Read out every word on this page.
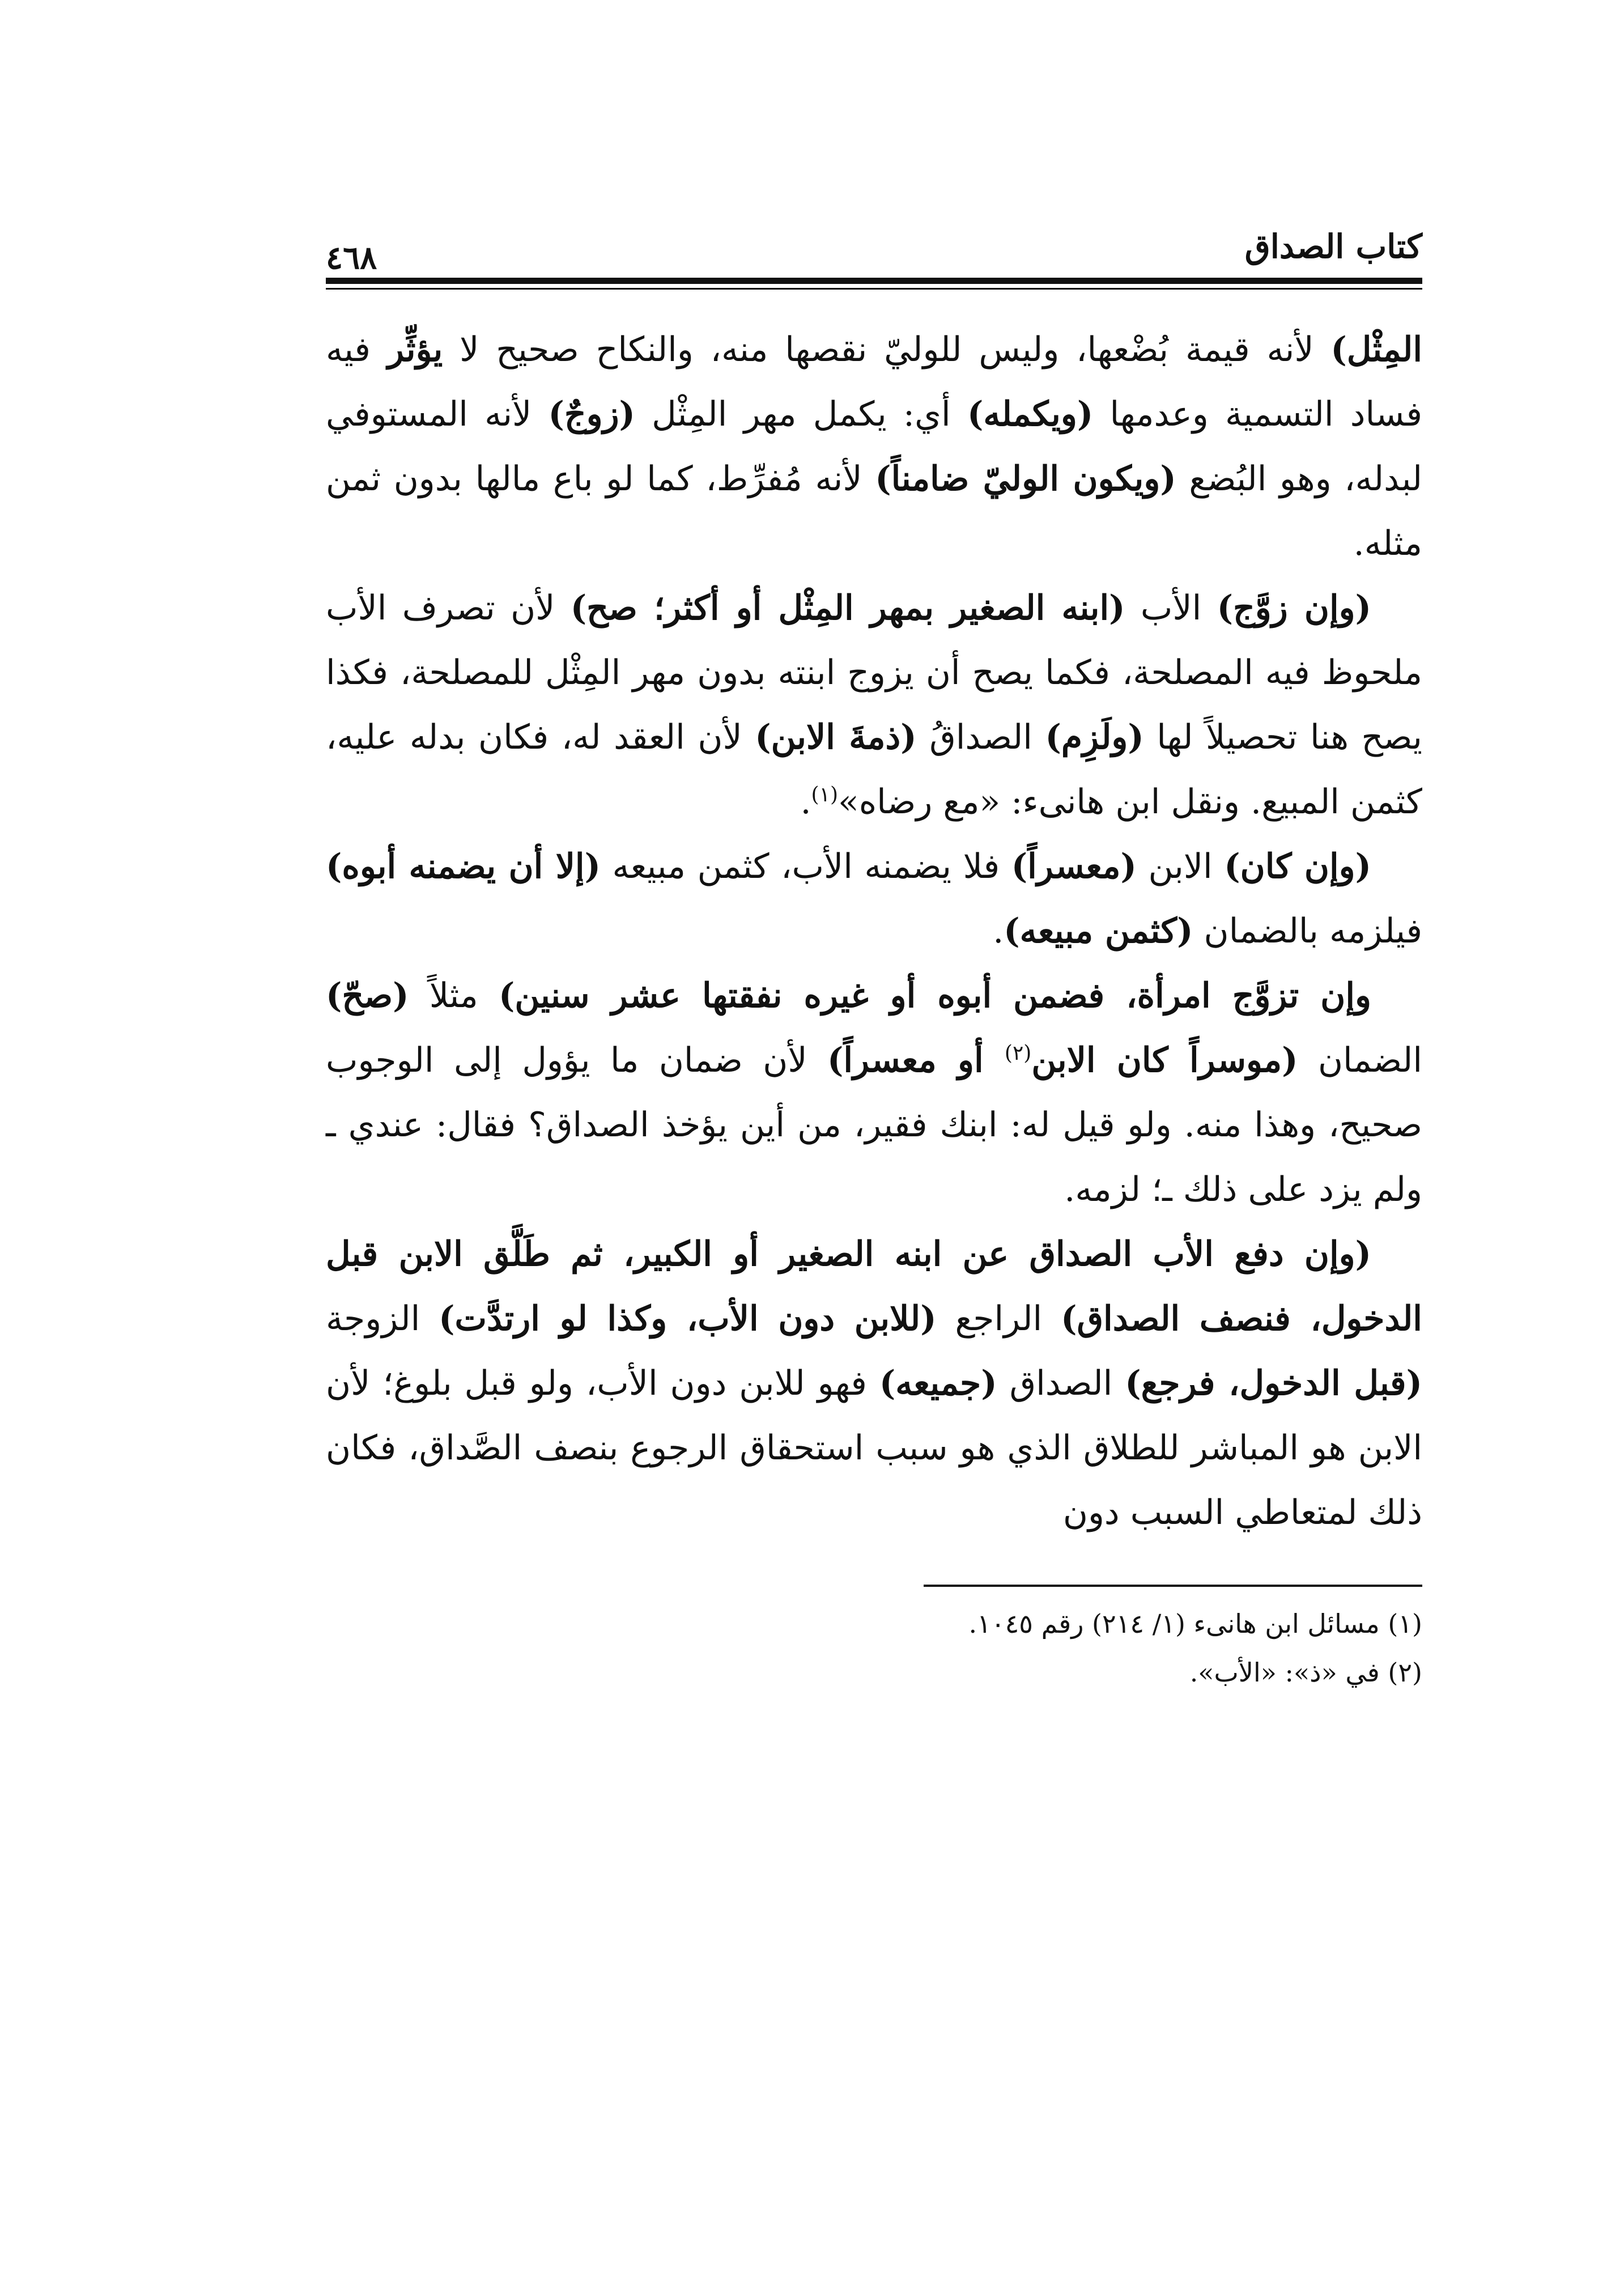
كتاب الصداق
٤٦٨

المِثْل) لأنه قيمة بُضْعها، وليس للوليّ نقصها منه، والنكاح صحيح لا يؤثِّر فيه فساد التسمية وعدمها (ويكمله) أي: يكمل مهر المِثْل (زوجٌ) لأنه المستوفي لبدله، وهو البُضع (ويكون الوليّ ضامناً) لأنه مُفرِّط، كما لو باع مالها بدون ثمن مثله.

(وإن زوَّج) الأب (ابنه الصغير بمهر المِثْل أو أكثر؛ صح) لأن تصرف الأب ملحوظ فيه المصلحة، فكما يصح أن يزوج ابنته بدون مهر المِثْل للمصلحة، فكذا يصح هنا تحصيلاً لها (ولَزِم) الصداقُ (ذمةَ الابن) لأن العقد له، فكان بدله عليه، كثمن المبيع. ونقل ابن هانىء: «مع رضاه»$^{(١)}$.

(وإن كان) الابن (معسراً) فلا يضمنه الأب، كثمن مبيعه (إلا أن يضمنه أبوه) فيلزمه بالضمان (كثمن مبيعه).

وإن تزوَّج امرأة، فضمن أبوه أو غيره نفقتها عشر سنين) مثلاً (صحّ) الضمان (موسراً كان الابن$^{(٢)}$ أو معسراً) لأن ضمان ما يؤول إلى الوجوب صحيح، وهذا منه. ولو قيل له: ابنك فقير، من أين يؤخذ الصداق؟ فقال: عندي ـ ولم يزد على ذلك ـ؛ لزمه.

(وإن دفع الأب الصداق عن ابنه الصغير أو الكبير، ثم طَلَّق الابن قبل الدخول، فنصف الصداق) الراجع (للابن دون الأب، وكذا لو ارتدَّت) الزوجة (قبل الدخول، فرجع) الصداق (جميعه) فهو للابن دون الأب، ولو قبل بلوغ؛ لأن الابن هو المباشر للطلاق الذي هو سبب استحقاق الرجوع بنصف الصَّداق، فكان ذلك لمتعاطي السبب دون

(١) مسائل ابن هانىء (١/ ٢١٤) رقم ١٠٤٥.

(٢) في «ذ»: «الأب».
